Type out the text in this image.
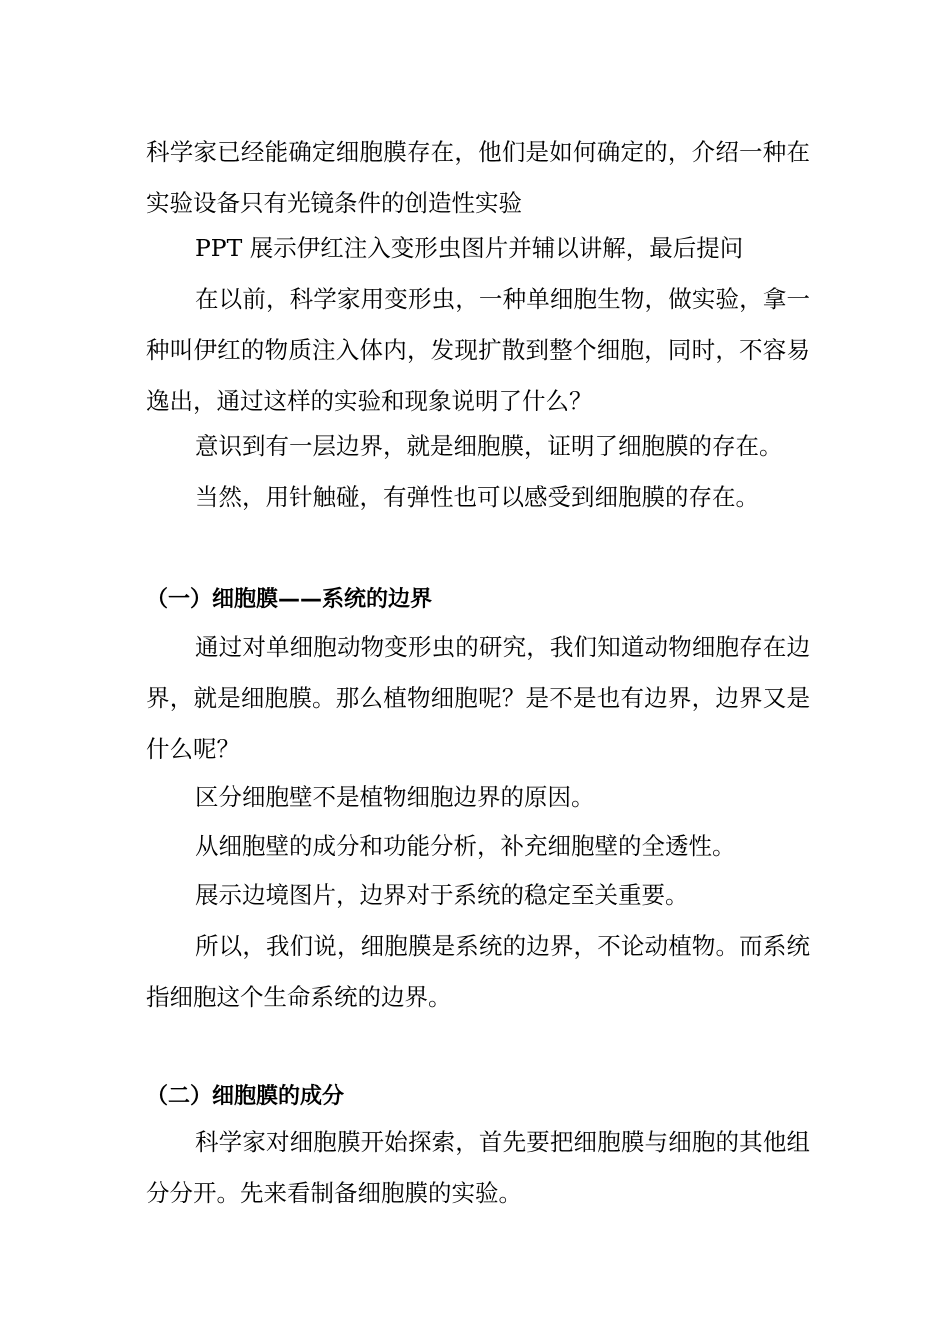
科学家已经能确定细胞膜存在，他们是如何确定的，介绍一种在实验设备只有光镜条件的创造性实验

PPT 展示伊红注入变形虫图片并辅以讲解，最后提问

在以前，科学家用变形虫，一种单细胞生物，做实验，拿一种叫伊红的物质注入体内，发现扩散到整个细胞，同时，不容易逸出，通过这样的实验和现象说明了什么？

意识到有一层边界，就是细胞膜，证明了细胞膜的存在。

当然，用针触碰，有弹性也可以感受到细胞膜的存在。

（一）细胞膜——系统的边界

通过对单细胞动物变形虫的研究，我们知道动物细胞存在边界，就是细胞膜。那么植物细胞呢？是不是也有边界，边界又是什么呢？

区分细胞壁不是植物细胞边界的原因。

从细胞壁的成分和功能分析，补充细胞壁的全透性。

展示边境图片，边界对于系统的稳定至关重要。

所以，我们说，细胞膜是系统的边界，不论动植物。而系统指细胞这个生命系统的边界。

（二）细胞膜的成分

科学家对细胞膜开始探索，首先要把细胞膜与细胞的其他组分分开。先来看制备细胞膜的实验。
